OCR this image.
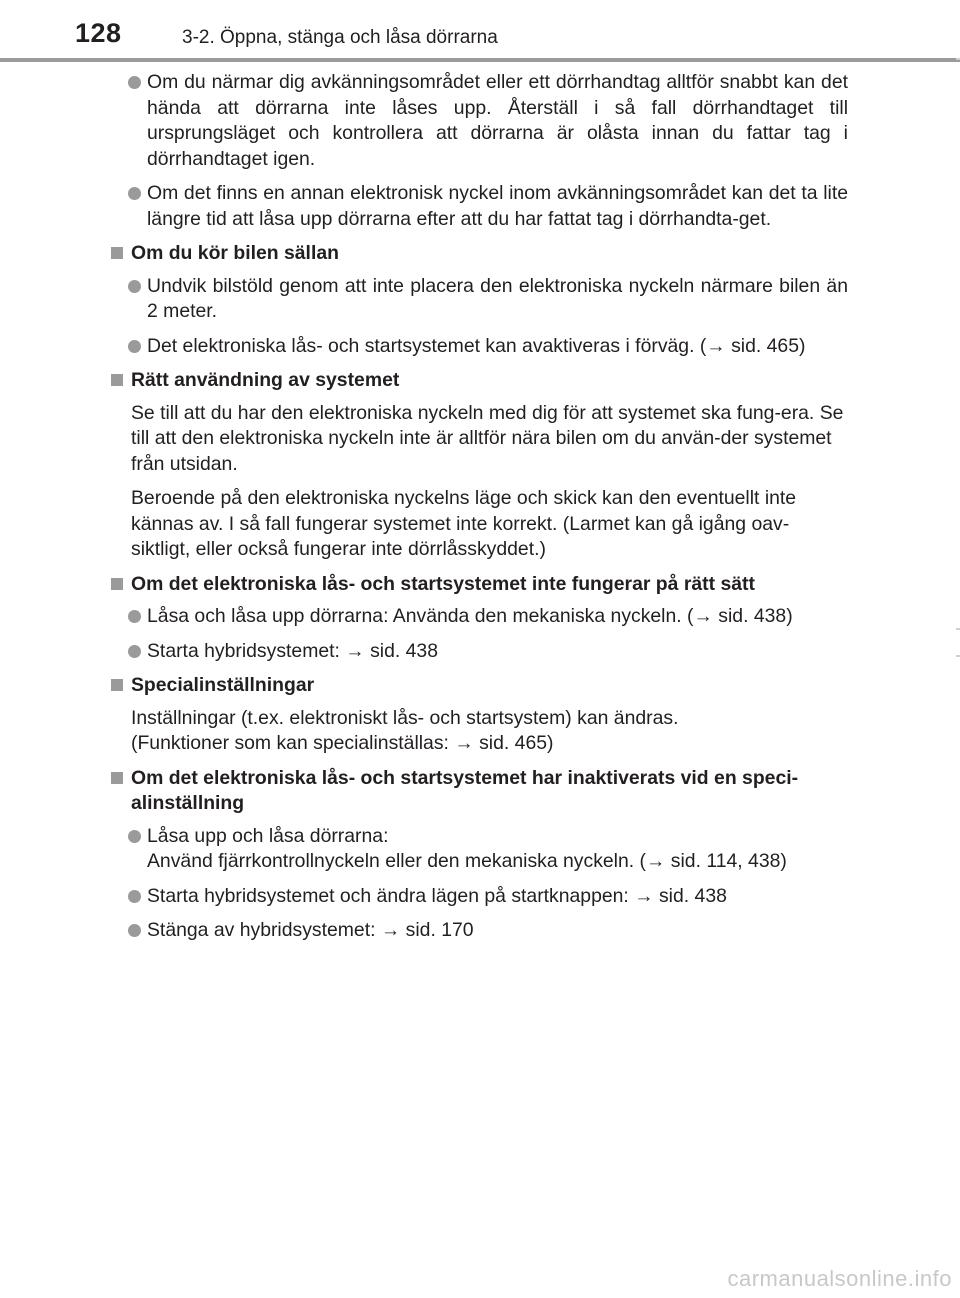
128	3-2. Öppna, stänga och låsa dörrarna
Om du närmar dig avkänningsområdet eller ett dörrhandtag alltför snabbt kan det hända att dörrarna inte låses upp. Återställ i så fall dörrhandtaget till ursprungsläget och kontrollera att dörrarna är olåsta innan du fattar tag i dörrhandtaget igen.
Om det finns en annan elektronisk nyckel inom avkänningsområdet kan det ta lite längre tid att låsa upp dörrarna efter att du har fattat tag i dörrhandta-get.
Om du kör bilen sällan
Undvik bilstöld genom att inte placera den elektroniska nyckeln närmare bilen än 2 meter.
Det elektroniska lås- och startsystemet kan avaktiveras i förväg. (→ sid. 465)
Rätt användning av systemet
Se till att du har den elektroniska nyckeln med dig för att systemet ska fung-era. Se till att den elektroniska nyckeln inte är alltför nära bilen om du använ-der systemet från utsidan.
Beroende på den elektroniska nyckelns läge och skick kan den eventuellt inte kännas av. I så fall fungerar systemet inte korrekt. (Larmet kan gå igång oav-siktligt, eller också fungerar inte dörrlåsskyddet.)
Om det elektroniska lås- och startsystemet inte fungerar på rätt sätt
Låsa och låsa upp dörrarna: Använda den mekaniska nyckeln. (→ sid. 438)
Starta hybridsystemet: → sid. 438
Specialinställningar
Inställningar (t.ex. elektroniskt lås- och startsystem) kan ändras.
(Funktioner som kan specialinställas: → sid. 465)
Om det elektroniska lås- och startsystemet har inaktiverats vid en speci-alinställning
Låsa upp och låsa dörrarna:
Använd fjärrkontrollnyckeln eller den mekaniska nyckeln. (→ sid. 114, 438)
Starta hybridsystemet och ändra lägen på startknappen: → sid. 438
Stänga av hybridsystemet: → sid. 170
carmanualsonline.info
